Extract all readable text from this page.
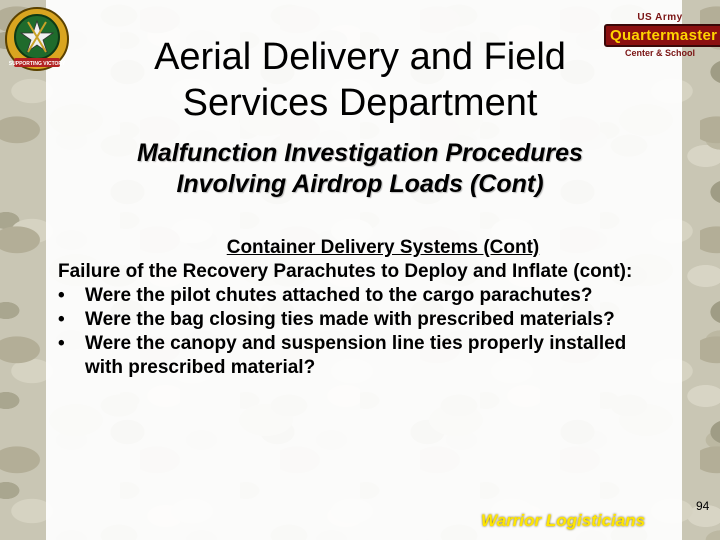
SUPPORTING VICTORY
US Army
Quartermaster
Center & School
Aerial Delivery and Field
Services Department
Malfunction Investigation Procedures
Involving Airdrop Loads (Cont)
Container Delivery Systems (Cont)
Failure of the Recovery Parachutes to Deploy and Inflate (cont):
• Were the pilot chutes attached to the cargo parachutes?
• Were the bag closing ties made with prescribed materials?
• Were the canopy and suspension line ties properly installed with prescribed material?
Warrior Logisticians
94
